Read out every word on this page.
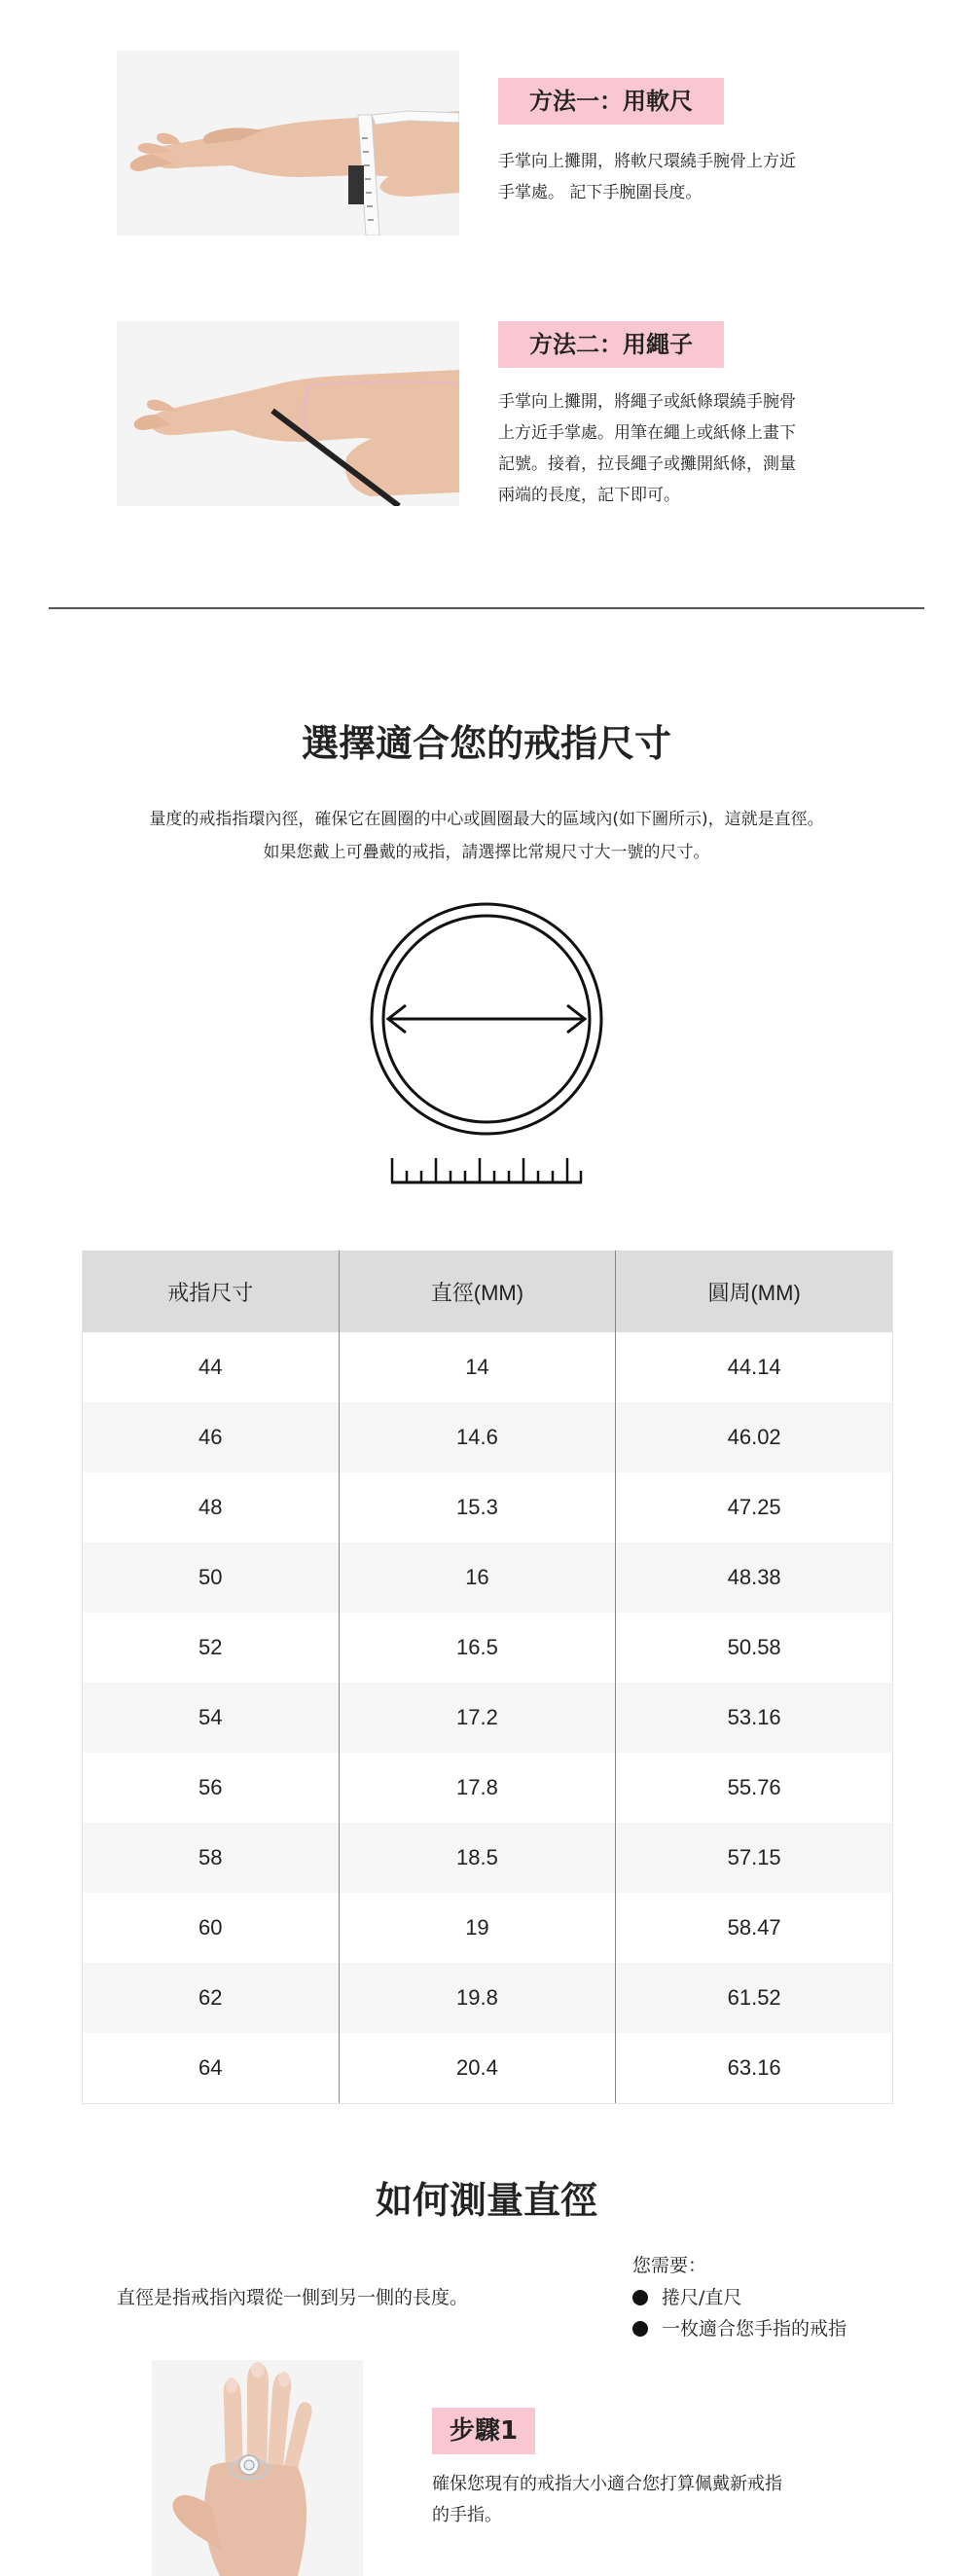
方法一：用軟尺
手掌向上攤開，將軟尺環繞手腕骨上方近
手掌處。 記下手腕圍長度。
方法二：用繩子
手掌向上攤開，將繩子或紙條環繞手腕骨
上方近手掌處。用筆在繩上或紙條上畫下
記號。接着，拉長繩子或攤開紙條，測量
兩端的長度，記下即可。
選擇適合您的戒指尺寸
量度的戒指指環內徑，確保它在圓圈的中心或圓圈最大的區域內(如下圖所示)，這就是直徑。
如果您戴上可疊戴的戒指，請選擇比常規尺寸大一號的尺寸。
戒指尺寸	直徑(MM)	圓周(MM)
44	14	44.14
46	14.6	46.02
48	15.3	47.25
50	16	48.38
52	16.5	50.58
54	17.2	53.16
56	17.8	55.76
58	18.5	57.15
60	19	58.47
62	19.8	61.52
64	20.4	63.16
如何測量直徑
直徑是指戒指內環從一側到另一側的長度。
您需要：
捲尺/直尺
一枚適合您手指的戒指
步驟1
確保您現有的戒指大小適合您打算佩戴新戒指
的手指。
